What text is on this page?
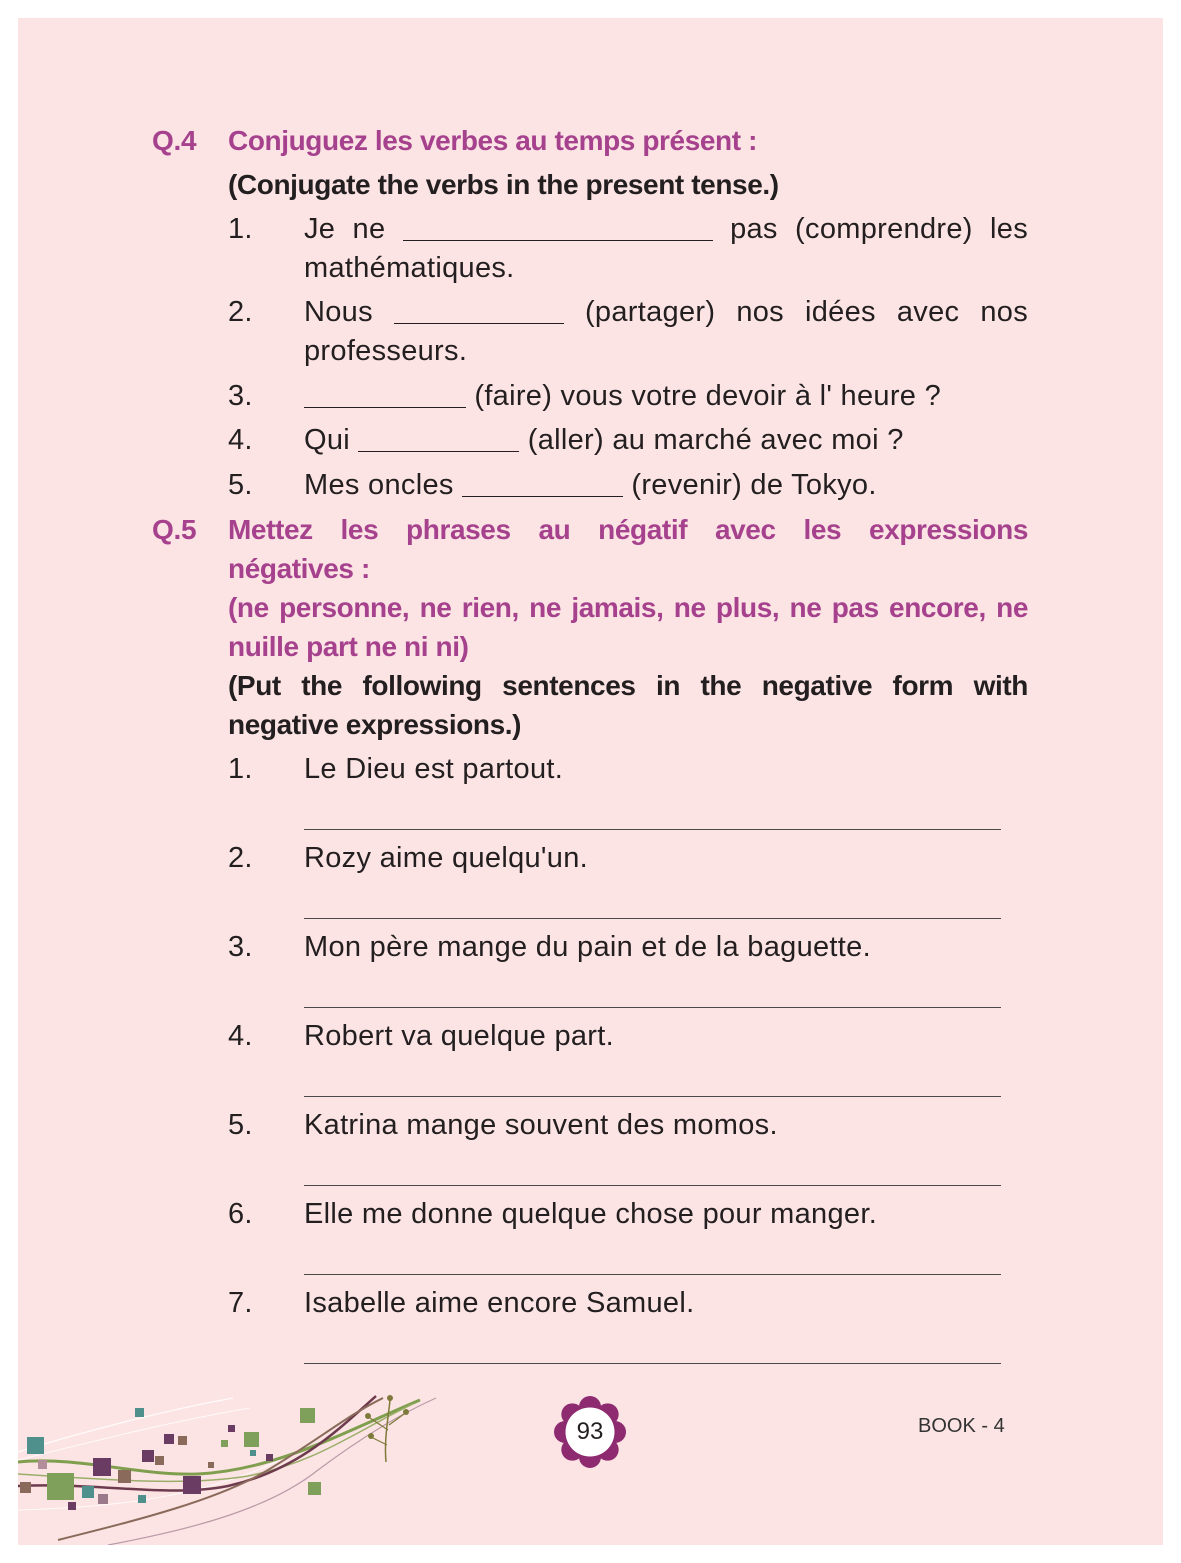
Q.4	Conjuguez les verbes au temps présent :
(Conjugate the verbs in the present tense.)
1.	Je ne	pas (comprendre) les mathématiques.
2.	Nous	(partager) nos idées avec nos professeurs.
3.	(faire) vous votre devoir à l' heure ?
4.	Qui	(aller) au marché avec moi ?
5.	Mes oncles	(revenir) de Tokyo.
Q.5	Mettez les phrases au négatif avec les expressions
négatives :
(ne personne, ne rien, ne jamais, ne plus, ne pas encore, ne
nuille part ne ni ni)
(Put the following sentences in the negative form with
negative expressions.)
1.	Le Dieu est partout.
2.	Rozy aime quelqu'un.
3.	Mon père mange du pain et de la baguette.
4.	Robert va quelque part.
5.	Katrina mange souvent des momos.
6.	Elle me donne quelque chose pour manger.
7.	Isabelle aime encore Samuel.
93	BOOK - 4
